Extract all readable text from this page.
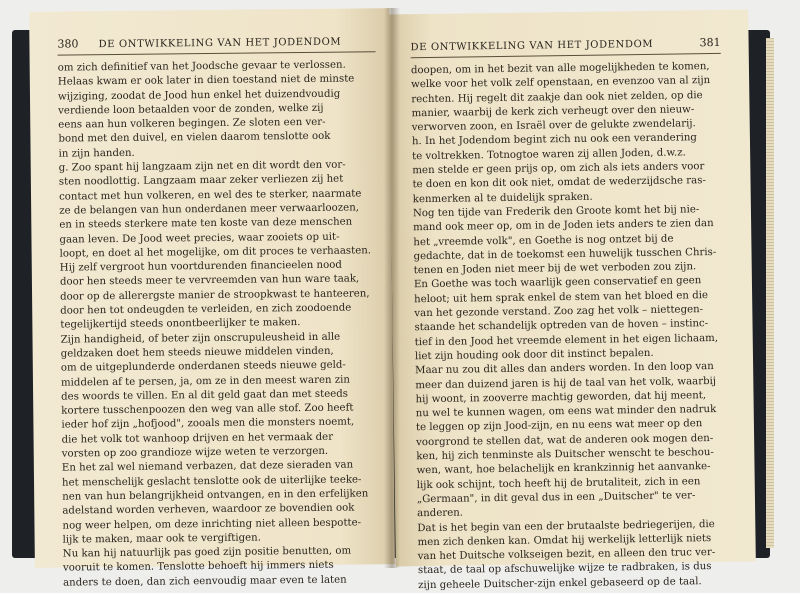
380 DE ONTWIKKELING VAN HET JODENDOM
om zich definitief van het Joodsche gevaar te verlossen.
Helaas kwam er ook later in dien toestand niet de minste
wijziging, zoodat de Jood hun enkel het duizendvoudig
verdiende loon betaalden voor de zonden, welke zij
eens aan hun volkeren begingen. Ze sloten een ver-
bond met den duivel, en vielen daarom tenslotte ook
in zijn handen.
g. Zoo spant hij langzaam zijn net en dit wordt den vor-
sten noodlottig. Langzaam maar zeker verliezen zij het
contact met hun volkeren, en wel des te sterker, naarmate
ze de belangen van hun onderdanen meer verwaarloozen,
en in steeds sterkere mate ten koste van deze menschen
gaan leven. De Jood weet precies, waar zooiets op uit-
loopt, en doet al het mogelijke, om dit proces te verhaasten.
Hij zelf vergroot hun voortdurenden financieelen nood
door hen steeds meer te vervreemden van hun ware taak,
door op de allerergste manier de stroopkwast te hanteeren,
door hen tot ondeugden te verleiden, en zich zoodoende
tegelijkertijd steeds onontbeerlijker te maken.
Zijn handigheid, of beter zijn onscrupuleusheid in alle
geldzaken doet hem steeds nieuwe middelen vinden,
om de uitgeplunderde onderdanen steeds nieuwe geld-
middelen af te persen, ja, om ze in den meest waren zin
des woords te villen. En al dit geld gaat dan met steeds
kortere tusschenpoozen den weg van alle stof. Zoo heeft
ieder hof zijn „hofjood", zooals men die monsters noemt,
die het volk tot wanhoop drijven en het vermaak der
vorsten op zoo grandioze wijze weten te verzorgen.
En het zal wel niemand verbazen, dat deze sieraden van
het menschelijk geslacht tenslotte ook de uiterlijke teeke-
nen van hun belangrijkheid ontvangen, en in den erfelijken
adelstand worden verheven, waardoor ze bovendien ook
nog weer helpen, om deze inrichting niet alleen bespotte-
lijk te maken, maar ook te vergiftigen.
Nu kan hij natuurlijk pas goed zijn positie benutten, om
vooruit te komen. Tenslotte behoeft hij immers niets
anders te doen, dan zich eenvoudig maar even te laten
DE ONTWIKKELING VAN HET JODENDOM	381
doopen, om in het bezit van alle mogelijkheden te komen,
welke voor het volk zelf openstaan, en evenzoo van al zijn
rechten. Hij regelt dit zaakje dan ook niet zelden, op die
manier, waarbij de kerk zich verheugt over den nieuw-
verworven zoon, en Israël over de gelukte zwendelarij.
h. In het Jodendom begint zich nu ook een verandering
te voltrekken. Totnogtoe waren zij allen Joden, d.w.z.
men stelde er geen prijs op, om zich als iets anders voor
te doen en kon dit ook niet, omdat de wederzijdsche ras-
kenmerken al te duidelijk spraken.
Nog ten tijde van Frederik den Groote komt het bij nie-
mand ook meer op, om in de Joden iets anders te zien dan
het „vreemde volk", en Goethe is nog ontzet bij de
gedachte, dat in de toekomst een huwelijk tusschen Chris-
tenen en Joden niet meer bij de wet verboden zou zijn.
En Goethe was toch waarlijk geen conservatief en geen
heloot; uit hem sprak enkel de stem van het bloed en die
van het gezonde verstand. Zoo zag het volk – niettegen-
staande het schandelijk optreden van de hoven – instinc-
tief in den Jood het vreemde element in het eigen lichaam,
liet zijn houding ook door dit instinct bepalen.
Maar nu zou dit alles dan anders worden. In den loop van
meer dan duizend jaren is hij de taal van het volk, waarbij
hij woont, in zooverre machtig geworden, dat hij meent,
nu wel te kunnen wagen, om eens wat minder den nadruk
te leggen op zijn Jood-zijn, en nu eens wat meer op den
voorgrond te stellen dat, wat de anderen ook mogen den-
ken, hij zich tenminste als Duitscher wenscht te beschou-
wen, want, hoe belachelijk en krankzinnig het aanvanke-
lijk ook schijnt, toch heeft hij de brutaliteit, zich in een
„Germaan", in dit geval dus in een „Duitscher" te ver-
anderen.
Dat is het begin van een der brutaalste bedriegerijen, die
men zich denken kan. Omdat hij werkelijk letterlijk niets
van het Duitsche volkseigen bezit, en alleen den truc ver-
staat, de taal op afschuwelijke wijze te radbraken, is dus
zijn geheele Duitscher-zijn enkel gebaseerd op de taal.
